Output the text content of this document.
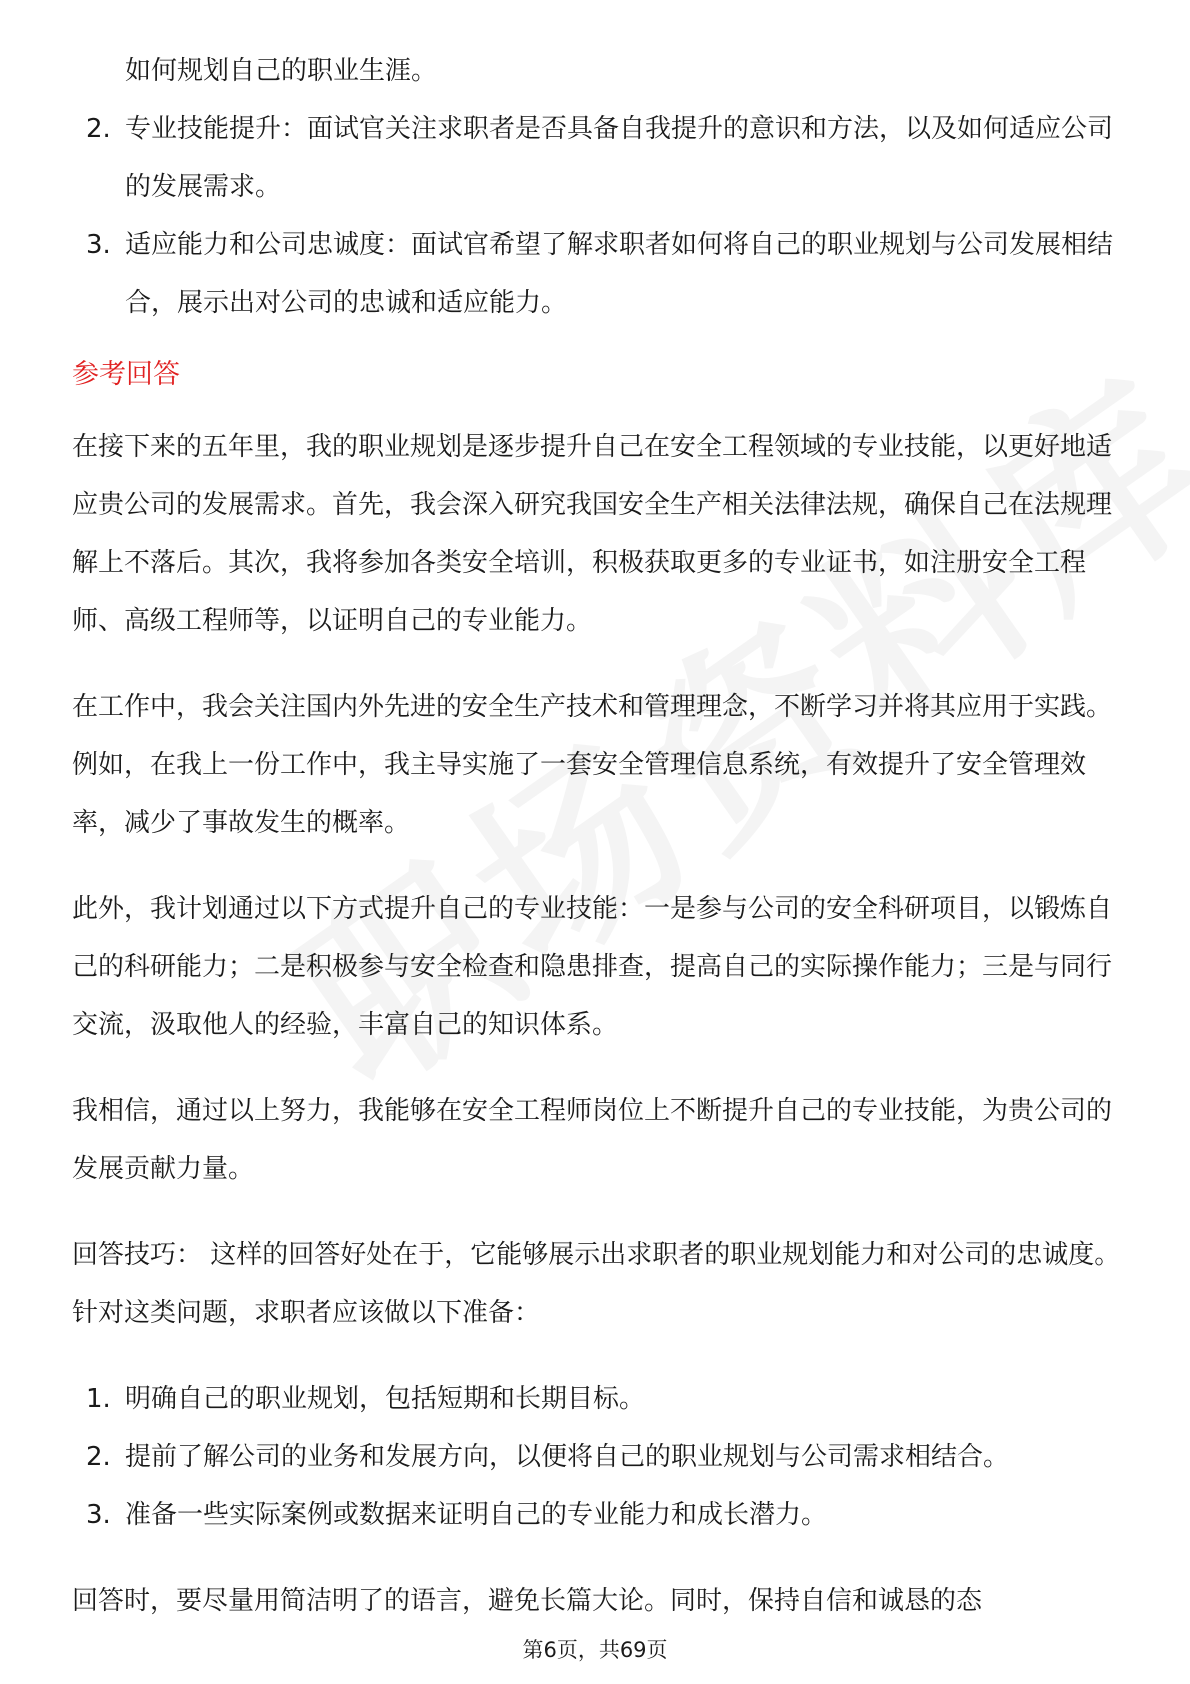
如何规划自己的职业生涯。

2. 专业技能提升：面试官关注求职者是否具备自我提升的意识和方法，以及如何适应公司的发展需求。
3. 适应能力和公司忠诚度：面试官希望了解求职者如何将自己的职业规划与公司发展相结合，展示出对公司的忠诚和适应能力。
参考回答

在接下来的五年里，我的职业规划是逐步提升自己在安全工程领域的专业技能，以更好地适应贵公司的发展需求。首先，我会深入研究我国安全生产相关法律法规，确保自己在法规理解上不落后。其次，我将参加各类安全培训，积极获取更多的专业证书，如注册安全工程师、高级工程师等，以证明自己的专业能力。

在工作中，我会关注国内外先进的安全生产技术和管理理念，不断学习并将其应用于实践。例如，在我上一份工作中，我主导实施了一套安全管理信息系统，有效提升了安全管理效率，减少了事故发生的概率。

此外，我计划通过以下方式提升自己的专业技能：一是参与公司的安全科研项目，以锻炼自己的科研能力；二是积极参与安全检查和隐患排查，提高自己的实际操作能力；三是与同行交流，汲取他人的经验，丰富自己的知识体系。

我相信，通过以上努力，我能够在安全工程师岗位上不断提升自己的专业技能，为贵公司的发展贡献力量。

回答技巧： 这样的回答好处在于，它能够展示出求职者的职业规划能力和对公司的忠诚度。针对这类问题，求职者应该做以下准备：

1. 明确自己的职业规划，包括短期和长期目标。
2. 提前了解公司的业务和发展方向，以便将自己的职业规划与公司需求相结合。
3. 准备一些实际案例或数据来证明自己的专业能力和成长潜力。

回答时，要尽量用简洁明了的语言，避免长篇大论。同时，保持自信和诚恳的态

第6页，共69页
